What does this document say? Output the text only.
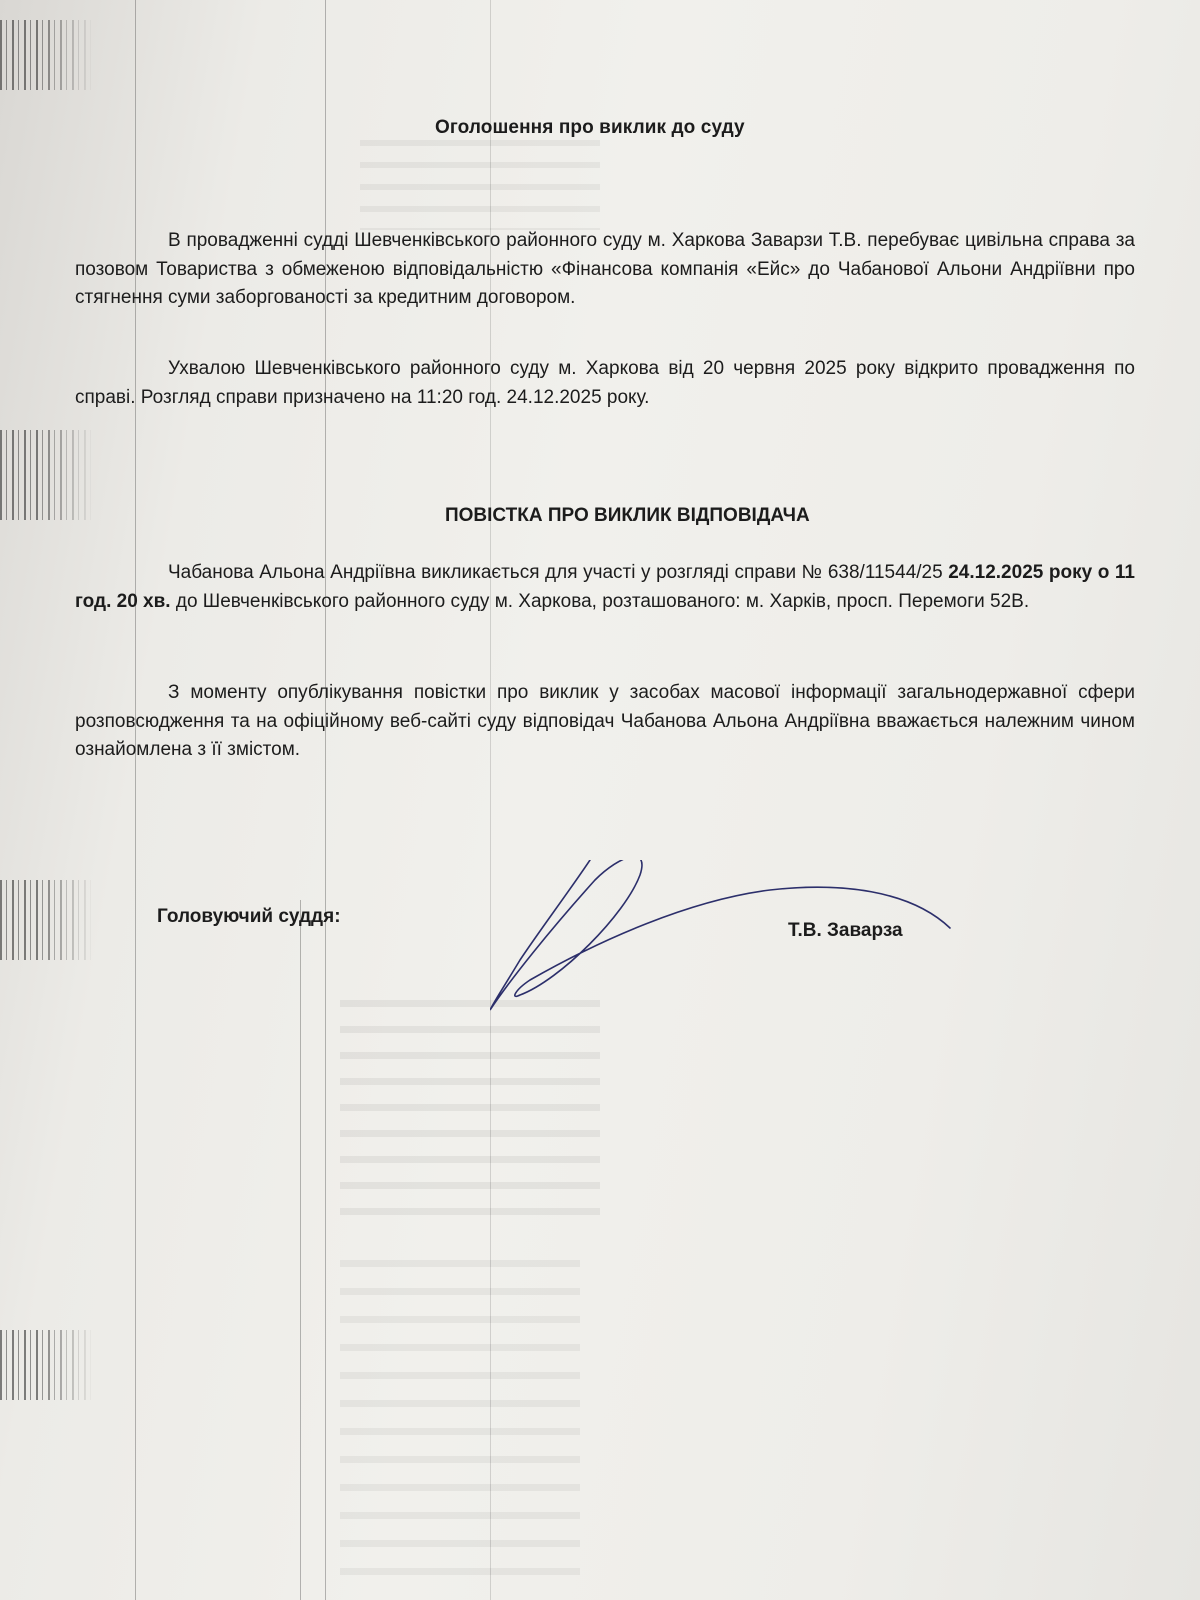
Оголошення про виклик до суду

В провадженні судді Шевченківського районного суду м. Харкова Заварзи Т.В. перебуває цивільна справа за позовом Товариства з обмеженою відповідальністю «Фінансова компанія «Ейс» до Чабанової Альони Андріївни про стягнення суми заборгованості за кредитним договором.

Ухвалою Шевченківського районного суду м. Харкова від 20 червня 2025 року відкрито провадження по справі. Розгляд справи призначено на 11:20 год. 24.12.2025 року.

ПОВІСТКА ПРО ВИКЛИК ВІДПОВІДАЧА

Чабанова Альона Андріївна викликається для участі у розгляді справи № 638/11544/25 24.12.2025 року о 11 год. 20 хв. до Шевченківського районного суду м. Харкова, розташованого: м. Харків, просп. Перемоги 52В.

З моменту опублікування повістки про виклик у засобах масової інформації загальнодержавної сфери розповсюдження та на офіційному веб-сайті суду відповідач Чабанова Альона Андріївна вважається належним чином ознайомлена з її змістом.

Головуючий суддя:
Т.В. Заварза
